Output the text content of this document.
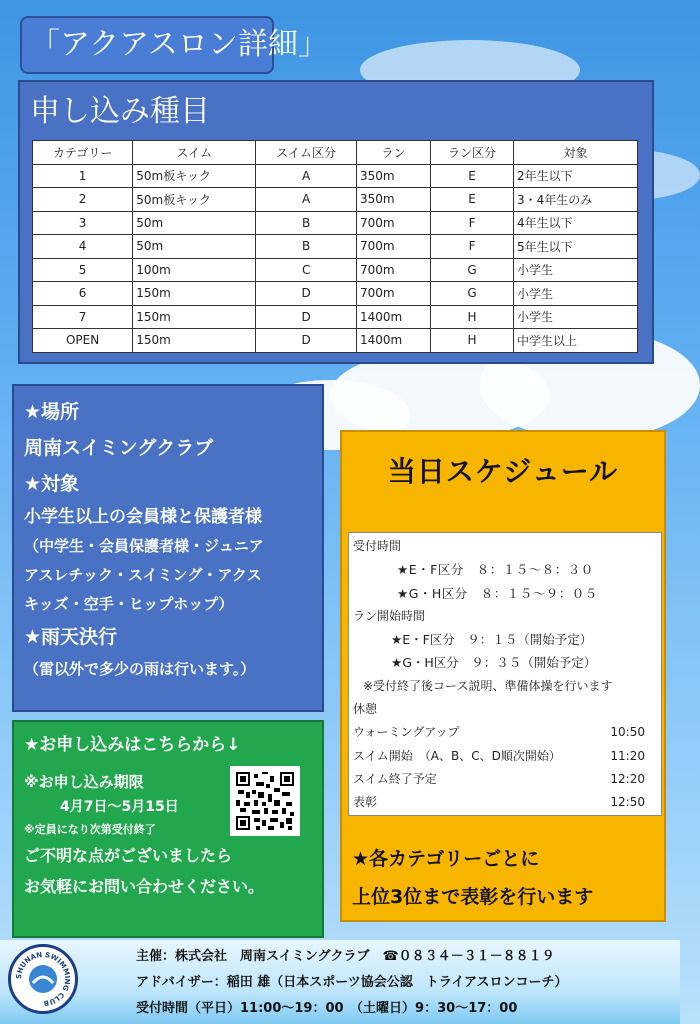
「アクアスロン詳細」
申し込み種目
カテゴリー	スイム	スイム区分	ラン	ラン区分	対象
1	50m板キック	A	350m	E	2年生以下
2	50m板キック	A	350m	E	3・4年生のみ
3	50m	B	700m	F	4年生以下
4	50m	B	700m	F	5年生以下
5	100m	C	700m	G	小学生
6	150m	D	700m	G	小学生
7	150m	D	1400m	H	小学生
OPEN	150m	D	1400m	H	中学生以上
★場所
周南スイミングクラブ
★対象
小学生以上の会員様と保護者様
（中学生・会員保護者様・ジュニア
アスレチック・スイミング・アクス
キッズ・空手・ヒップホップ）
★雨天決行
（雷以外で多少の雨は行います。）
★お申し込みはこちらから↓
※お申し込み期限
4月7日～5月15日
※定員になり次第受付終了
ご不明な点がございましたら
お気軽にお問い合わせください。
当日スケジュール
受付時間
★E・F区分　８：１５～８：３０
★G・H区分　８：１５～９：０５
ラン開始時間
★E・F区分　９：１５（開始予定）
★G・H区分　９：３５（開始予定）
※受付終了後コース説明、準備体操を行います
休憩
ウォーミングアップ	10:50
スイム開始　（A、B、C、D順次開始）	11:20
スイム終了予定	12:20
表彰	12:50
★各カテゴリーごとに
上位3位まで表彰を行います
SHUNAN SWIMMING CLUB
主催：株式会社　周南スイミングクラブ　☎０８３４－３１－８８１９
アドバイザー：稲田 雄（日本スポーツ協会公認　トライアスロンコーチ）
受付時間（平日）11:00～19：00　（土曜日）9：30～17：00
